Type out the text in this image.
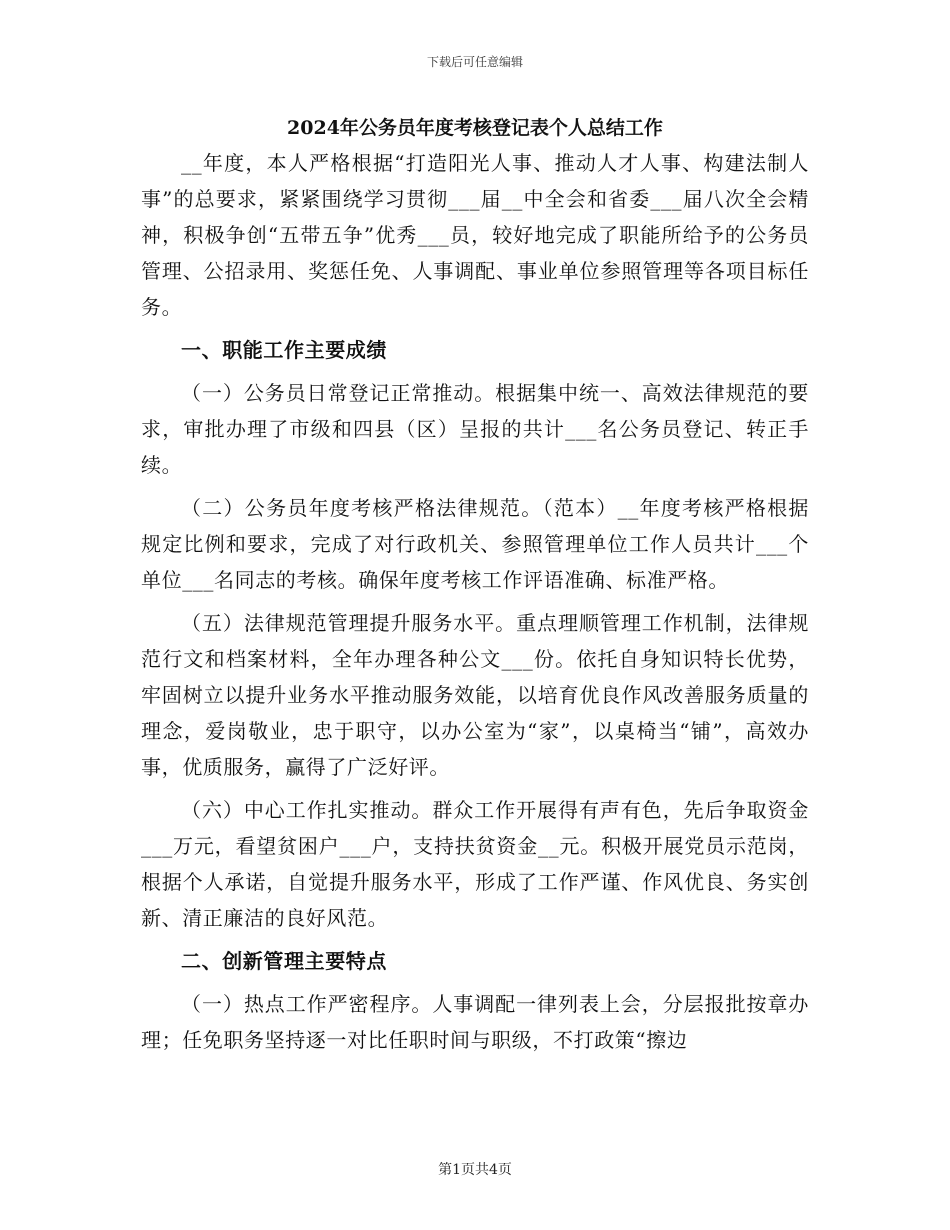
下载后可任意编辑
2024年公务员年度考核登记表个人总结工作

__年度，本人严格根据“打造阳光人事、推动人才人事、构建法制人事”的总要求，紧紧围绕学习贯彻___届__中全会和省委___届八次全会精神，积极争创“五带五争”优秀___员，较好地完成了职能所给予的公务员管理、公招录用、奖惩任免、人事调配、事业单位参照管理等各项目标任务。

一、职能工作主要成绩

（一）公务员日常登记正常推动。根据集中统一、高效法律规范的要求，审批办理了市级和四县（区）呈报的共计___名公务员登记、转正手续。

（二）公务员年度考核严格法律规范。（范本）__年度考核严格根据规定比例和要求，完成了对行政机关、参照管理单位工作人员共计___个单位___名同志的考核。确保年度考核工作评语准确、标准严格。

（五）法律规范管理提升服务水平。重点理顺管理工作机制，法律规范行文和档案材料，全年办理各种公文___份。依托自身知识特长优势，牢固树立以提升业务水平推动服务效能，以培育优良作风改善服务质量的理念，爱岗敬业，忠于职守，以办公室为“家”，以桌椅当“铺”，高效办事，优质服务，赢得了广泛好评。

（六）中心工作扎实推动。群众工作开展得有声有色，先后争取资金___万元，看望贫困户___户，支持扶贫资金__元。积极开展党员示范岗，根据个人承诺，自觉提升服务水平，形成了工作严谨、作风优良、务实创新、清正廉洁的良好风范。

二、创新管理主要特点

（一）热点工作严密程序。人事调配一律列表上会，分层报批按章办理；任免职务坚持逐一对比任职时间与职级，不打政策“擦边

第1页共4页
